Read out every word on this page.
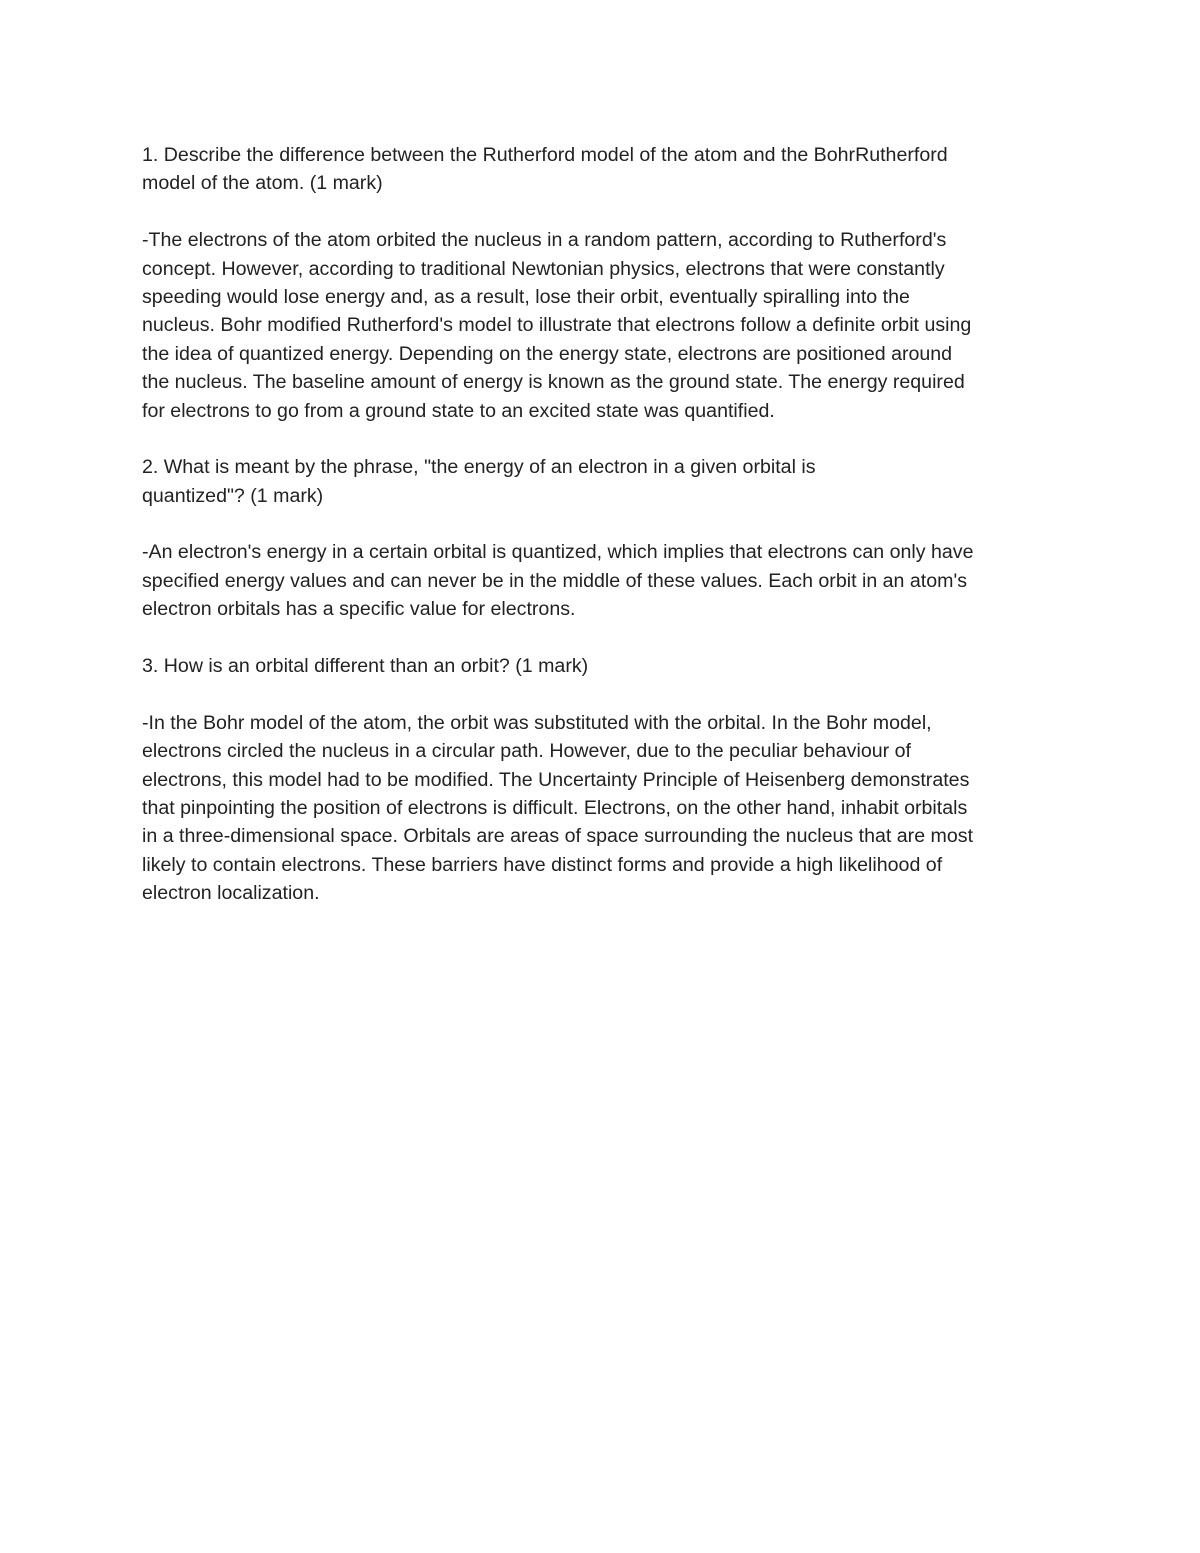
1. Describe the difference between the Rutherford model of the atom and the BohrRutherford
model of the atom. (1 mark)
-The electrons of the atom orbited the nucleus in a random pattern, according to Rutherford's
concept. However, according to traditional Newtonian physics, electrons that were constantly
speeding would lose energy and, as a result, lose their orbit, eventually spiralling into the
nucleus. Bohr modified Rutherford's model to illustrate that electrons follow a definite orbit using
the idea of quantized energy. Depending on the energy state, electrons are positioned around
the nucleus. The baseline amount of energy is known as the ground state. The energy required
for electrons to go from a ground state to an excited state was quantified.
2. What is meant by the phrase, "the energy of an electron in a given orbital is
quantized"? (1 mark)
-An electron's energy in a certain orbital is quantized, which implies that electrons can only have
specified energy values and can never be in the middle of these values. Each orbit in an atom's
electron orbitals has a specific value for electrons.
3. How is an orbital different than an orbit? (1 mark)
-In the Bohr model of the atom, the orbit was substituted with the orbital. In the Bohr model,
electrons circled the nucleus in a circular path. However, due to the peculiar behaviour of
electrons, this model had to be modified. The Uncertainty Principle of Heisenberg demonstrates
that pinpointing the position of electrons is difficult. Electrons, on the other hand, inhabit orbitals
in a three-dimensional space. Orbitals are areas of space surrounding the nucleus that are most
likely to contain electrons. These barriers have distinct forms and provide a high likelihood of
electron localization.
